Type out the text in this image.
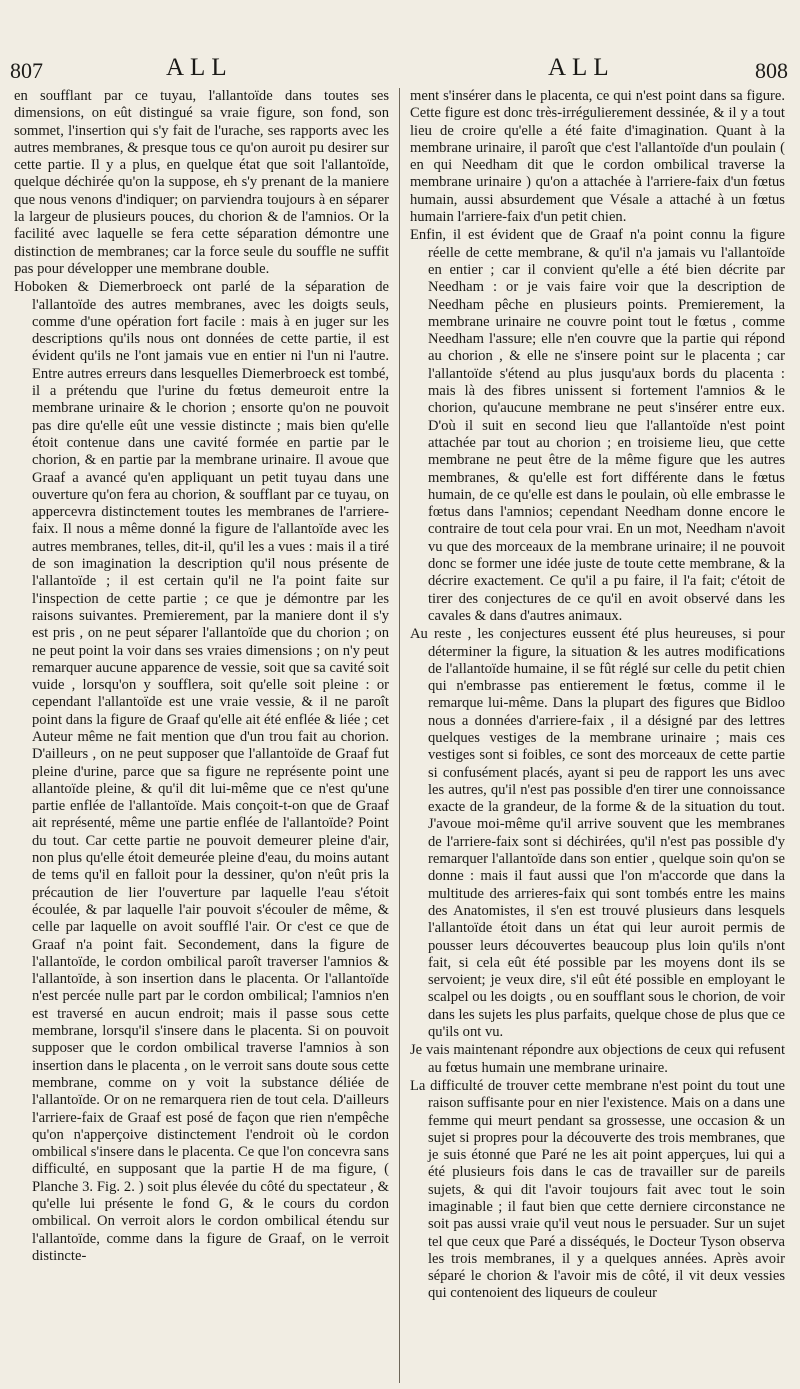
807	ALL	ALL	808

en soufflant par ce tuyau, l'allantoïde dans toutes ses dimensions, on eût distingué sa vraie figure, son fond, son sommet, l'insertion qui s'y fait de l'urache, ses rapports avec les autres membranes, & presque tous ce qu'on auroit pu desirer sur cette partie. Il y a plus, en quelque état que soit l'allantoïde, quelque déchirée qu'on la suppose, eh s'y prenant de la maniere que nous venons d'indiquer; on parviendra toujours à en séparer la largeur de plusieurs pouces, du chorion & de l'amnios. Or la facilité avec laquelle se fera cette séparation démontre une distinction de membranes; car la force seule du souffle ne suffit pas pour développer une membrane double.

Hoboken & Diemerbroeck ont parlé de la séparation de l'allantoïde des autres membranes, avec les doigts seuls, comme d'une opération fort facile : mais à en juger sur les descriptions qu'ils nous ont données de cette partie, il est évident qu'ils ne l'ont jamais vue en entier ni l'un ni l'autre. Entre autres erreurs dans lesquelles Diemerbroeck est tombé, il a prétendu que l'urine du fœtus demeuroit entre la membrane urinaire & le chorion ; ensorte qu'on ne pouvoit pas dire qu'elle eût une vessie distincte ; mais bien qu'elle étoit contenue dans une cavité formée en partie par le chorion, & en partie par la membrane urinaire. Il avoue que Graaf a avancé qu'en appliquant un petit tuyau dans une ouverture qu'on fera au chorion, & soufflant par ce tuyau, on appercevra distinctement toutes les membranes de l'arriere-faix. Il nous a même donné la figure de l'allantoïde avec les autres membranes, telles, dit-il, qu'il les a vues : mais il a tiré de son imagination la description qu'il nous présente de l'allantoïde ; il est certain qu'il ne l'a point faite sur l'inspection de cette partie ; ce que je démontre par les raisons suivantes. Premierement, par la maniere dont il s'y est pris , on ne peut séparer l'allantoïde que du chorion ; on ne peut point la voir dans ses vraies dimensions ; on n'y peut remarquer aucune apparence de vessie, soit que sa cavité soit vuide , lorsqu'on y soufflera, soit qu'elle soit pleine : or cependant l'allantoïde est une vraie vessie, & il ne paroît point dans la figure de Graaf qu'elle ait été enflée & liée ; cet Auteur même ne fait mention que d'un trou fait au chorion. D'ailleurs , on ne peut supposer que l'allantoïde de Graaf fut pleine d'urine, parce que sa figure ne représente point une allantoïde pleine, & qu'il dit lui-même que ce n'est qu'une partie enflée de l'allantoïde. Mais conçoit-t-on que de Graaf ait représenté, même une partie enflée de l'allantoïde? Point du tout. Car cette partie ne pouvoit demeurer pleine d'air, non plus qu'elle étoit demeurée pleine d'eau, du moins autant de tems qu'il en falloit pour la dessiner, qu'on n'eût pris la précaution de lier l'ouverture par laquelle l'eau s'étoit écoulée, & par laquelle l'air pouvoit s'écouler de même, & celle par laquelle on avoit soufflé l'air. Or c'est ce que de Graaf n'a point fait. Secondement, dans la figure de l'allantoïde, le cordon ombilical paroît traverser l'amnios & l'allantoïde, à son insertion dans le placenta. Or l'allantoïde n'est percée nulle part par le cordon ombilical; l'amnios n'en est traversé en aucun endroit; mais il passe sous cette membrane, lorsqu'il s'insere dans le placenta. Si on pouvoit supposer que le cordon ombilical traverse l'amnios à son insertion dans le placenta , on le verroit sans doute sous cette membrane, comme on y voit la substance déliée de l'allantoïde. Or on ne remarquera rien de tout cela. D'ailleurs l'arriere-faix de Graaf est posé de façon que rien n'empêche qu'on n'apperçoive distinctement l'endroit où le cordon ombilical s'insere dans le placenta. Ce que l'on concevra sans difficulté, en supposant que la partie H de ma figure, ( Planche 3. Fig. 2. ) soit plus élevée du côté du spectateur , & qu'elle lui présente le fond G, & le cours du cordon ombilical. On verroit alors le cordon ombilical étendu sur l'allantoïde, comme dans la figure de Graaf, on le verroit distincte-

ment s'insérer dans le placenta, ce qui n'est point dans sa figure. Cette figure est donc très-irrégulierement dessinée, & il y a tout lieu de croire qu'elle a été faite d'imagination. Quant à la membrane urinaire, il paroît que c'est l'allantoïde d'un poulain ( en qui Needham dit que le cordon ombilical traverse la membrane urinaire ) qu'on a attachée à l'arriere-faix d'un fœtus humain, aussi absurdement que Vésale a attaché à un fœtus humain l'arriere-faix d'un petit chien.

Enfin, il est évident que de Graaf n'a point connu la figure réelle de cette membrane, & qu'il n'a jamais vu l'allantoïde en entier ; car il convient qu'elle a été bien décrite par Needham : or je vais faire voir que la description de Needham pêche en plusieurs points. Premierement, la membrane urinaire ne couvre point tout le fœtus , comme Needham l'assure; elle n'en couvre que la partie qui répond au chorion , & elle ne s'insere point sur le placenta ; car l'allantoïde s'étend au plus jusqu'aux bords du placenta : mais là des fibres unissent si fortement l'amnios & le chorion, qu'aucune membrane ne peut s'insérer entre eux. D'où il suit en second lieu que l'allantoïde n'est point attachée par tout au chorion ; en troisieme lieu, que cette membrane ne peut être de la même figure que les autres membranes, & qu'elle est fort différente dans le fœtus humain, de ce qu'elle est dans le poulain, où elle embrasse le fœtus dans l'amnios; cependant Needham donne encore le contraire de tout cela pour vrai. En un mot, Needham n'avoit vu que des morceaux de la membrane urinaire; il ne pouvoit donc se former une idée juste de toute cette membrane, & la décrire exactement. Ce qu'il a pu faire, il l'a fait; c'étoit de tirer des conjectures de ce qu'il en avoit observé dans les cavales & dans d'autres animaux.

Au reste , les conjectures eussent été plus heureuses, si pour déterminer la figure, la situation & les autres modifications de l'allantoïde humaine, il se fût réglé sur celle du petit chien qui n'embrasse pas entierement le fœtus, comme il le remarque lui-même. Dans la plupart des figures que Bidloo nous a données d'arriere-faix , il a désigné par des lettres quelques vestiges de la membrane urinaire ; mais ces vestiges sont si foibles, ce sont des morceaux de cette partie si confusément placés, ayant si peu de rapport les uns avec les autres, qu'il n'est pas possible d'en tirer une connoissance exacte de la grandeur, de la forme & de la situation du tout. J'avoue moi-même qu'il arrive souvent que les membranes de l'arriere-faix sont si déchirées, qu'il n'est pas possible d'y remarquer l'allantoïde dans son entier , quelque soin qu'on se donne : mais il faut aussi que l'on m'accorde que dans la multitude des arrieres-faix qui sont tombés entre les mains des Anatomistes, il s'en est trouvé plusieurs dans lesquels l'allantoïde étoit dans un état qui leur auroit permis de pousser leurs découvertes beaucoup plus loin qu'ils n'ont fait, si cela eût été possible par les moyens dont ils se servoient; je veux dire, s'il eût été possible en employant le scalpel ou les doigts , ou en soufflant sous le chorion, de voir dans les sujets les plus parfaits, quelque chose de plus que ce qu'ils ont vu.

Je vais maintenant répondre aux objections de ceux qui refusent au fœtus humain une membrane urinaire.

La difficulté de trouver cette membrane n'est point du tout une raison suffisante pour en nier l'existence. Mais on a dans une femme qui meurt pendant sa grossesse, une occasion & un sujet si propres pour la découverte des trois membranes, que je suis étonné que Paré ne les ait point apperçues, lui qui a été plusieurs fois dans le cas de travailler sur de pareils sujets, & qui dit l'avoir toujours fait avec tout le soin imaginable ; il faut bien que cette derniere circonstance ne soit pas aussi vraie qu'il veut nous le persuader. Sur un sujet tel que ceux que Paré a disséqués, le Docteur Tyson observa les trois membranes, il y a quelques années. Après avoir séparé le chorion & l'avoir mis de côté, il vit deux vessies qui contenoient des liqueurs de couleur
